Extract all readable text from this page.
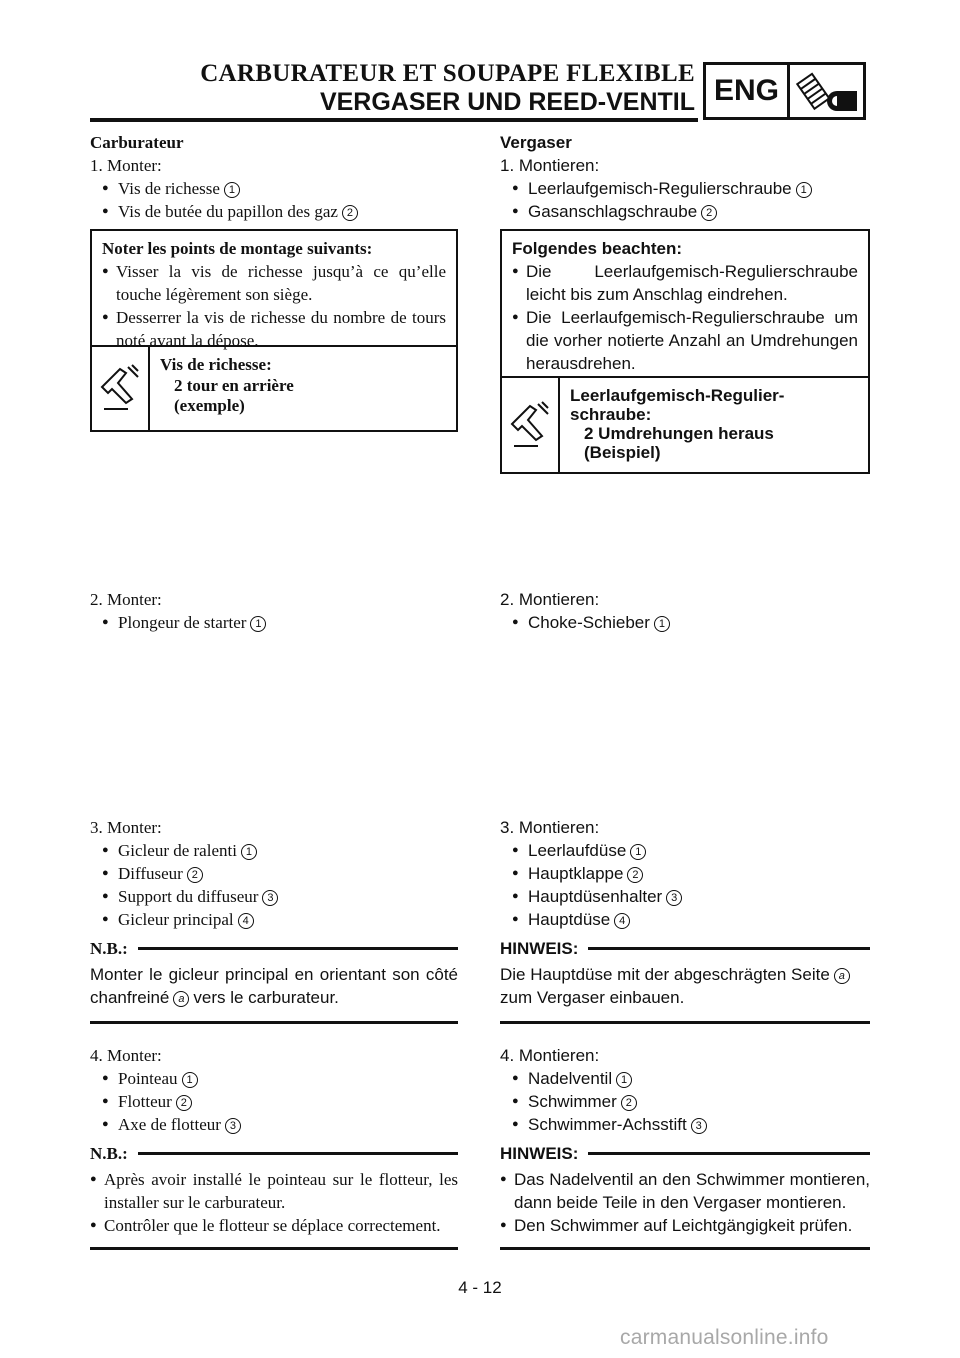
CARBURATEUR ET SOUPAPE FLEXIBLE
VERGASER UND REED-VENTIL ENG
Carburateur
1. Monter:
● Vis de richesse 1
● Vis de butée du papillon des gaz 2
Noter les points de montage suivants:
● Visser la vis de richesse jusqu’à ce qu’elle touche légèrement son siège.
● Desserrer la vis de richesse du nombre de tours noté avant la dépose.
Vis de richesse:
2 tour en arrière
(exemple)
2. Monter:
● Plongeur de starter 1
3. Monter:
● Gicleur de ralenti 1
● Diffuseur 2
● Support du diffuseur 3
● Gicleur principal 4
N.B.:
Monter le gicleur principal en orientant son côté chanfreiné a vers le carburateur.
4. Monter:
● Pointeau 1
● Flotteur 2
● Axe de flotteur 3
N.B.:
● Après avoir installé le pointeau sur le flotteur, les installer sur le carburateur.
● Contrôler que le flotteur se déplace correctement.
Vergaser
1. Montieren:
● Leerlaufgemisch-Regulierschraube 1
● Gasanschlagschraube 2
Folgendes beachten:
● Die Leerlaufgemisch-Regulierschraube leicht bis zum Anschlag eindrehen.
● Die Leerlaufgemisch-Regulierschraube um die vorher notierte Anzahl an Umdrehungen herausdrehen.
Leerlaufgemisch-Regulier-
schraube:
2 Umdrehungen heraus
(Beispiel)
2. Montieren:
● Choke-Schieber 1
3. Montieren:
● Leerlaufdüse 1
● Hauptklappe 2
● Hauptdüsenhalter 3
● Hauptdüse 4
HINWEIS:
Die Hauptdüse mit der abgeschrägten Seite azum Vergaser einbauen.
4. Montieren:
● Nadelventil 1
● Schwimmer 2
● Schwimmer-Achsstift 3
HINWEIS:
● Das Nadelventil an den Schwimmer montieren, dann beide Teile in den Vergaser montieren.
● Den Schwimmer auf Leichtgängigkeit prüfen.
4 - 12
carmanualsonline.info
